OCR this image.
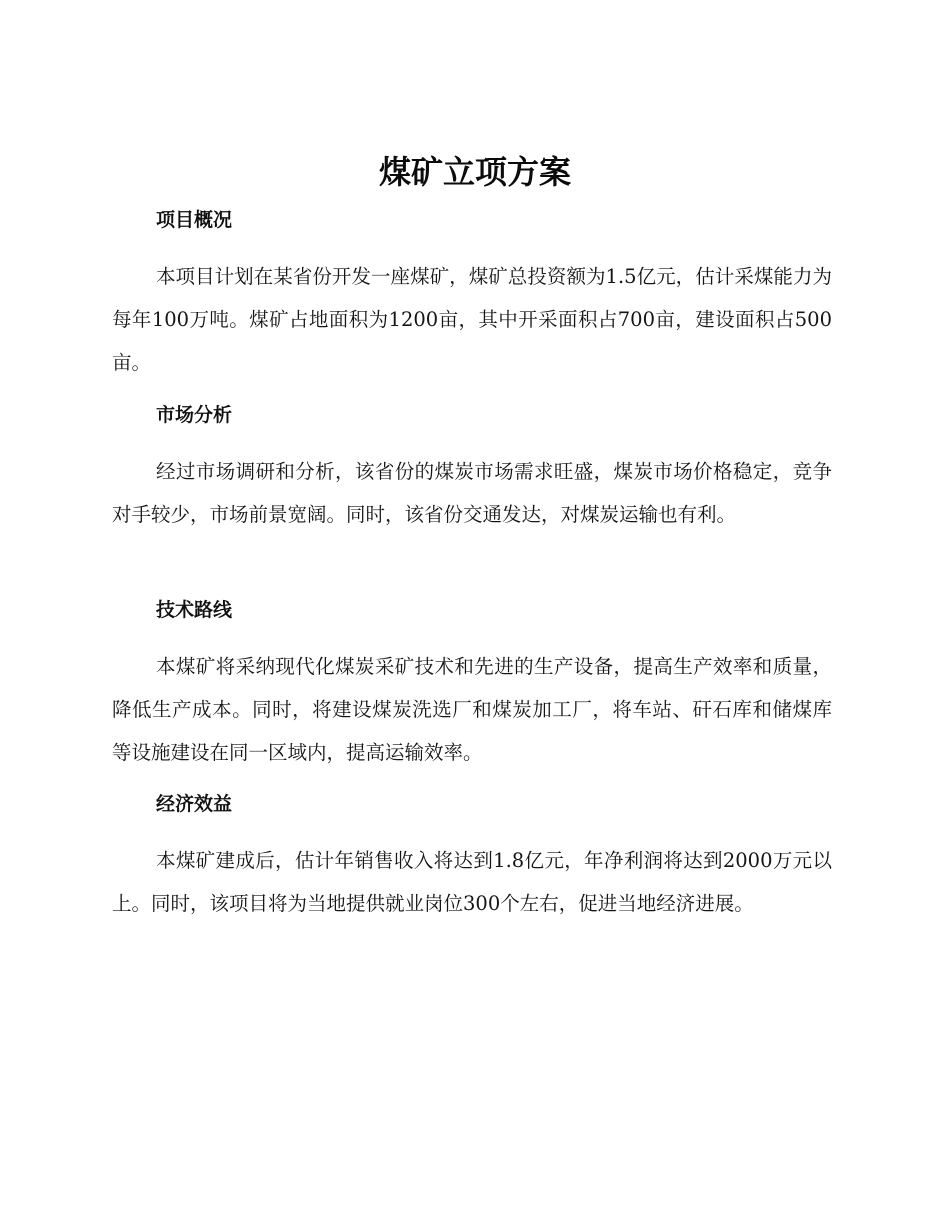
煤矿立项方案
项目概况

本项目计划在某省份开发一座煤矿，煤矿总投资额为1.5亿元，估计采煤能力为每年100万吨。煤矿占地面积为1200亩，其中开采面积占700亩，建设面积占500亩。

市场分析

经过市场调研和分析，该省份的煤炭市场需求旺盛，煤炭市场价格稳定，竞争对手较少，市场前景宽阔。同时，该省份交通发达，对煤炭运输也有利。

技术路线

本煤矿将采纳现代化煤炭采矿技术和先进的生产设备，提高生产效率和质量，降低生产成本。同时，将建设煤炭洗选厂和煤炭加工厂，将车站、矸石库和储煤库等设施建设在同一区域内，提高运输效率。

经济效益

本煤矿建成后，估计年销售收入将达到1.8亿元，年净利润将达到2000万元以上。同时，该项目将为当地提供就业岗位300个左右，促进当地经济进展。
